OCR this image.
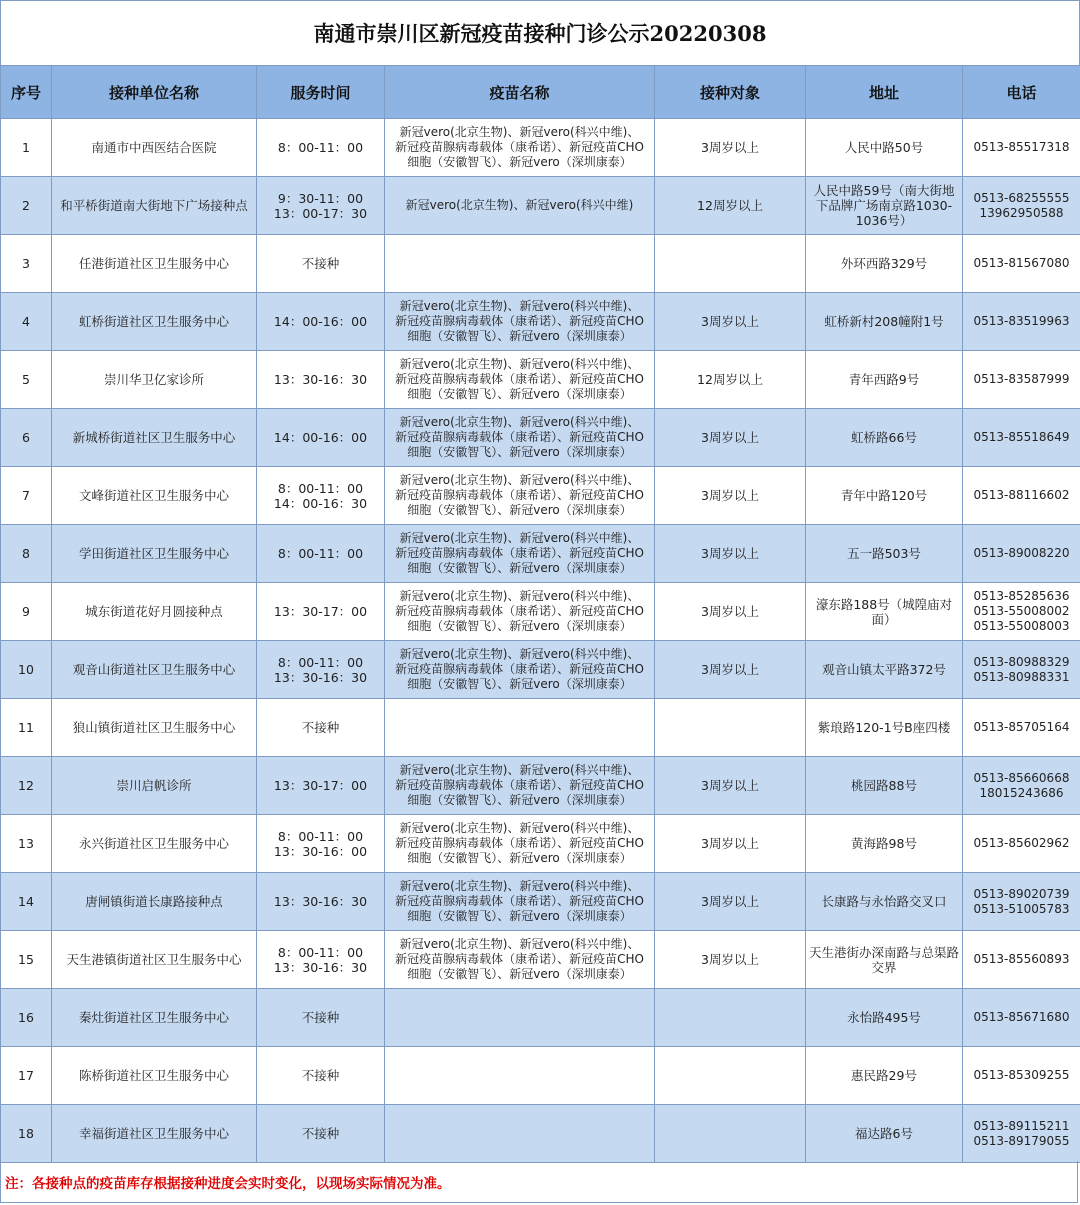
南通市崇川区新冠疫苗接种门诊公示20220308
序号	接种单位名称	服务时间	疫苗名称	接种对象	地址	电话
1	南通市中西医结合医院	8：00-11：00	新冠vero(北京生物)、新冠vero(科兴中维)、
新冠疫苗腺病毒载体（康希诺）、新冠疫苗CHO
细胞（安徽智飞）、新冠vero（深圳康泰）	3周岁以上	人民中路50号	0513-85517318
2	和平桥街道南大街地下广场接种点	9：30-11：00
13：00-17：30	新冠vero(北京生物)、新冠vero(科兴中维)	12周岁以上	人民中路59号（南大街地下品牌广场南京路1030-1036号）	0513-68255555
13962950588
3	任港街道社区卫生服务中心	不接种			外环西路329号	0513-81567080
4	虹桥街道社区卫生服务中心	14：00-16：00	新冠vero(北京生物)、新冠vero(科兴中维)、
新冠疫苗腺病毒载体（康希诺）、新冠疫苗CHO
细胞（安徽智飞）、新冠vero（深圳康泰）	3周岁以上	虹桥新村208幢附1号	0513-83519963
5	崇川华卫亿家诊所	13：30-16：30	新冠vero(北京生物)、新冠vero(科兴中维)、
新冠疫苗腺病毒载体（康希诺）、新冠疫苗CHO
细胞（安徽智飞）、新冠vero（深圳康泰）	12周岁以上	青年西路9号	0513-83587999
6	新城桥街道社区卫生服务中心	14：00-16：00	新冠vero(北京生物)、新冠vero(科兴中维)、
新冠疫苗腺病毒载体（康希诺）、新冠疫苗CHO
细胞（安徽智飞）、新冠vero（深圳康泰）	3周岁以上	虹桥路66号	0513-85518649
7	文峰街道社区卫生服务中心	8：00-11：00
14：00-16：30	新冠vero(北京生物)、新冠vero(科兴中维)、
新冠疫苗腺病毒载体（康希诺）、新冠疫苗CHO
细胞（安徽智飞）、新冠vero（深圳康泰）	3周岁以上	青年中路120号	0513-88116602
8	学田街道社区卫生服务中心	8：00-11：00	新冠vero(北京生物)、新冠vero(科兴中维)、
新冠疫苗腺病毒载体（康希诺）、新冠疫苗CHO
细胞（安徽智飞）、新冠vero（深圳康泰）	3周岁以上	五一路503号	0513-89008220
9	城东街道花好月圆接种点	13：30-17：00	新冠vero(北京生物)、新冠vero(科兴中维)、
新冠疫苗腺病毒载体（康希诺）、新冠疫苗CHO
细胞（安徽智飞）、新冠vero（深圳康泰）	3周岁以上	濠东路188号（城隍庙对面）	0513-85285636
0513-55008002
0513-55008003
10	观音山街道社区卫生服务中心	8：00-11：00
13：30-16：30	新冠vero(北京生物)、新冠vero(科兴中维)、
新冠疫苗腺病毒载体（康希诺）、新冠疫苗CHO
细胞（安徽智飞）、新冠vero（深圳康泰）	3周岁以上	观音山镇太平路372号	0513-80988329
0513-80988331
11	狼山镇街道社区卫生服务中心	不接种			紫琅路120-1号B座四楼	0513-85705164
12	崇川启帆诊所	13：30-17：00	新冠vero(北京生物)、新冠vero(科兴中维)、
新冠疫苗腺病毒载体（康希诺）、新冠疫苗CHO
细胞（安徽智飞）、新冠vero（深圳康泰）	3周岁以上	桃园路88号	0513-85660668
18015243686
13	永兴街道社区卫生服务中心	8：00-11：00
13：30-16：00	新冠vero(北京生物)、新冠vero(科兴中维)、
新冠疫苗腺病毒载体（康希诺）、新冠疫苗CHO
细胞（安徽智飞）、新冠vero（深圳康泰）	3周岁以上	黄海路98号	0513-85602962
14	唐闸镇街道长康路接种点	13：30-16：30	新冠vero(北京生物)、新冠vero(科兴中维)、
新冠疫苗腺病毒载体（康希诺）、新冠疫苗CHO
细胞（安徽智飞）、新冠vero（深圳康泰）	3周岁以上	长康路与永怡路交叉口	0513-89020739
0513-51005783
15	天生港镇街道社区卫生服务中心	8：00-11：00
13：30-16：30	新冠vero(北京生物)、新冠vero(科兴中维)、
新冠疫苗腺病毒载体（康希诺）、新冠疫苗CHO
细胞（安徽智飞）、新冠vero（深圳康泰）	3周岁以上	天生港街办深南路与总渠路交界	0513-85560893
16	秦灶街道社区卫生服务中心	不接种			永怡路495号	0513-85671680
17	陈桥街道社区卫生服务中心	不接种			惠民路29号	0513-85309255
18	幸福街道社区卫生服务中心	不接种			福达路6号	0513-89115211
0513-89179055
注：各接种点的疫苗库存根据接种进度会实时变化，以现场实际情况为准。
